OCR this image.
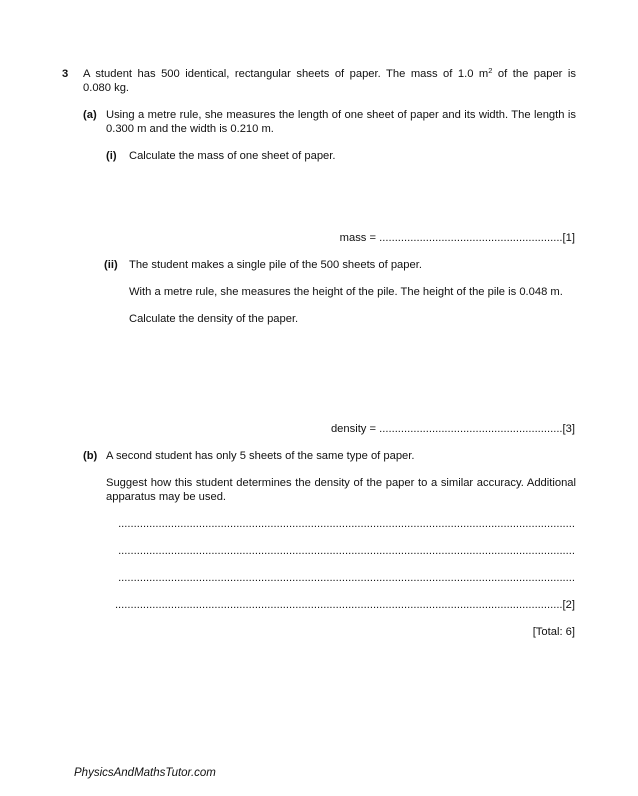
3 A student has 500 identical, rectangular sheets of paper. The mass of 1.0 $m^2$ of the paper is
0.080 kg.
(a) Using a metre rule, she measures the length of one sheet of paper and its width. The length is
0.300 m and the width is 0.210 m.
(i) Calculate the mass of one sheet of paper.
mass = ...........................................................[1]
(ii) The student makes a single pile of the 500 sheets of paper.
With a metre rule, she measures the height of the pile. The height of the pile is 0.048 m.
Calculate the density of the paper.
density = ...........................................................[3]
(b) A second student has only 5 sheets of the same type of paper.
Suggest how this student determines the density of the paper to a similar accuracy. Additional
apparatus may be used.
...................................................................................................................................................
...................................................................................................................................................
...................................................................................................................................................
................................................................................................................................................[2]
[Total: 6]
PhysicsAndMathsTutor.com
